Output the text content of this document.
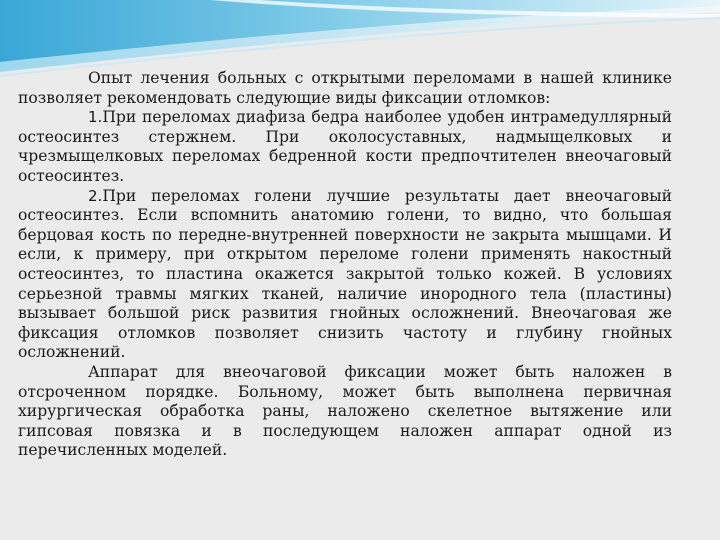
Опыт лечения больных с открытыми переломами в нашей клинике позволяет рекомендовать следующие виды фиксации отломков:

1.При переломах диафиза бедра наиболее удобен интрамедуллярный остеосинтез стержнем. При околосуставных, надмыщелковых и чрезмыщелковых переломах бедренной кости предпочтителен внеочаговый остеосинтез.

2.При переломах голени лучшие результаты дает внеочаговый остеосинтез. Если вспомнить анатомию голени, то видно, что большая берцовая кость по передне-внутренней поверхности не закрыта мышцами. И если, к примеру, при открытом переломе голени применять накостный остеосинтез, то пластина окажется закрытой только кожей. В условиях серьезной травмы мягких тканей, наличие инородного тела (пластины) вызывает большой риск развития гнойных осложнений. Внеочаговая же фиксация отломков позволяет снизить частоту и глубину гнойных осложнений.

Аппарат для внеочаговой фиксации может быть наложен в отсроченном порядке. Больному, может быть выполнена первичная хирургическая обработка раны, наложено скелетное вытяжение или гипсовая повязка и в последующем наложен аппарат одной из перечисленных моделей.
